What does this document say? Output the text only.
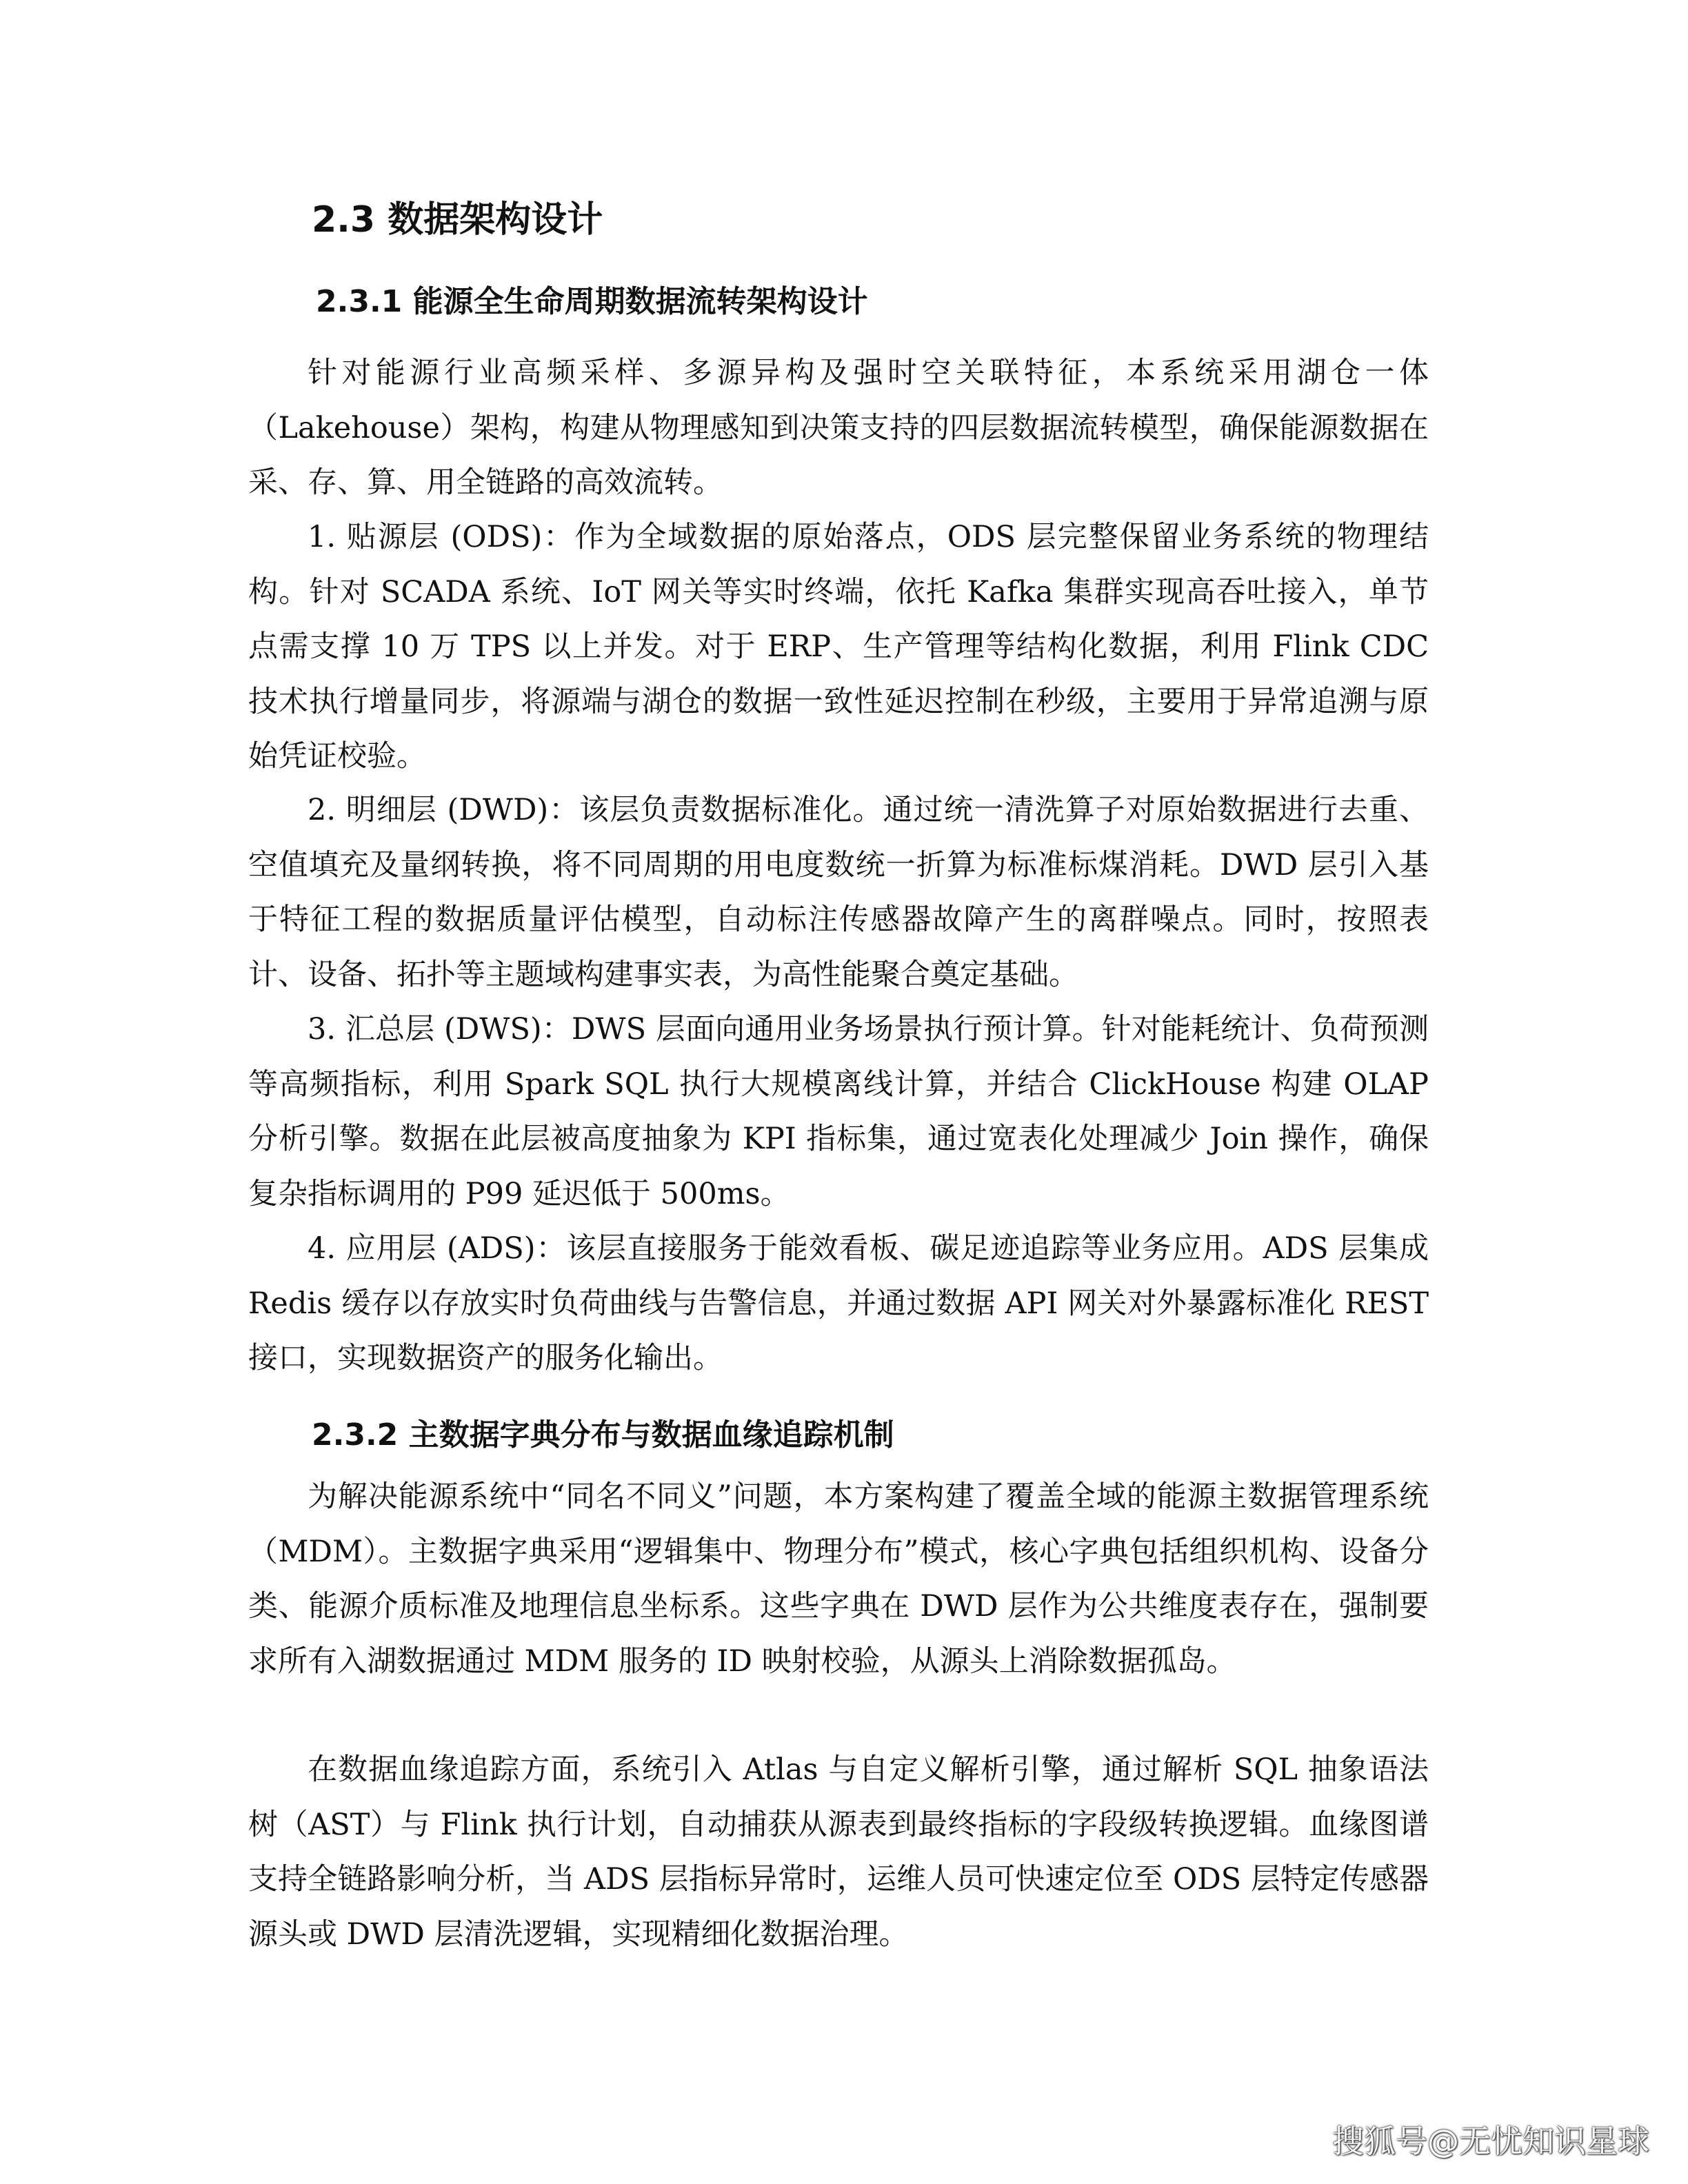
2.3 数据架构设计
2.3.1 能源全生命周期数据流转架构设计

针对能源行业高频采样、多源异构及强时空关联特征，本系统采用湖仓一体（Lakehouse）架构，构建从物理感知到决策支持的四层数据流转模型，确保能源数据在采、存、算、用全链路的高效流转。

1. 贴源层 (ODS)：作为全域数据的原始落点，ODS 层完整保留业务系统的物理结构。针对 SCADA 系统、IoT 网关等实时终端，依托 Kafka 集群实现高吞吐接入，单节点需支撑 10 万 TPS 以上并发。对于 ERP、生产管理等结构化数据，利用 Flink CDC 技术执行增量同步，将源端与湖仓的数据一致性延迟控制在秒级，主要用于异常追溯与原始凭证校验。

2. 明细层 (DWD)：该层负责数据标准化。通过统一清洗算子对原始数据进行去重、空值填充及量纲转换，将不同周期的用电度数统一折算为标准标煤消耗。DWD 层引入基于特征工程的数据质量评估模型，自动标注传感器故障产生的离群噪点。同时，按照表计、设备、拓扑等主题域构建事实表，为高性能聚合奠定基础。

3. 汇总层 (DWS)：DWS 层面向通用业务场景执行预计算。针对能耗统计、负荷预测等高频指标，利用 Spark SQL 执行大规模离线计算，并结合 ClickHouse 构建 OLAP 分析引擎。数据在此层被高度抽象为 KPI 指标集，通过宽表化处理减少 Join 操作，确保复杂指标调用的 P99 延迟低于 500ms。

4. 应用层 (ADS)：该层直接服务于能效看板、碳足迹追踪等业务应用。ADS 层集成 Redis 缓存以存放实时负荷曲线与告警信息，并通过数据 API 网关对外暴露标准化 REST 接口，实现数据资产的服务化输出。

2.3.2 主数据字典分布与数据血缘追踪机制

为解决能源系统中“同名不同义”问题，本方案构建了覆盖全域的能源主数据管理系统（MDM）。主数据字典采用“逻辑集中、物理分布”模式，核心字典包括组织机构、设备分类、能源介质标准及地理信息坐标系。这些字典在 DWD 层作为公共维度表存在，强制要求所有入湖数据通过 MDM 服务的 ID 映射校验，从源头上消除数据孤岛。

在数据血缘追踪方面，系统引入 Atlas 与自定义解析引擎，通过解析 SQL 抽象语法树（AST）与 Flink 执行计划，自动捕获从源表到最终指标的字段级转换逻辑。血缘图谱支持全链路影响分析，当 ADS 层指标异常时，运维人员可快速定位至 ODS 层特定传感器源头或 DWD 层清洗逻辑，实现精细化数据治理。

搜狐号@无忧知识星球
